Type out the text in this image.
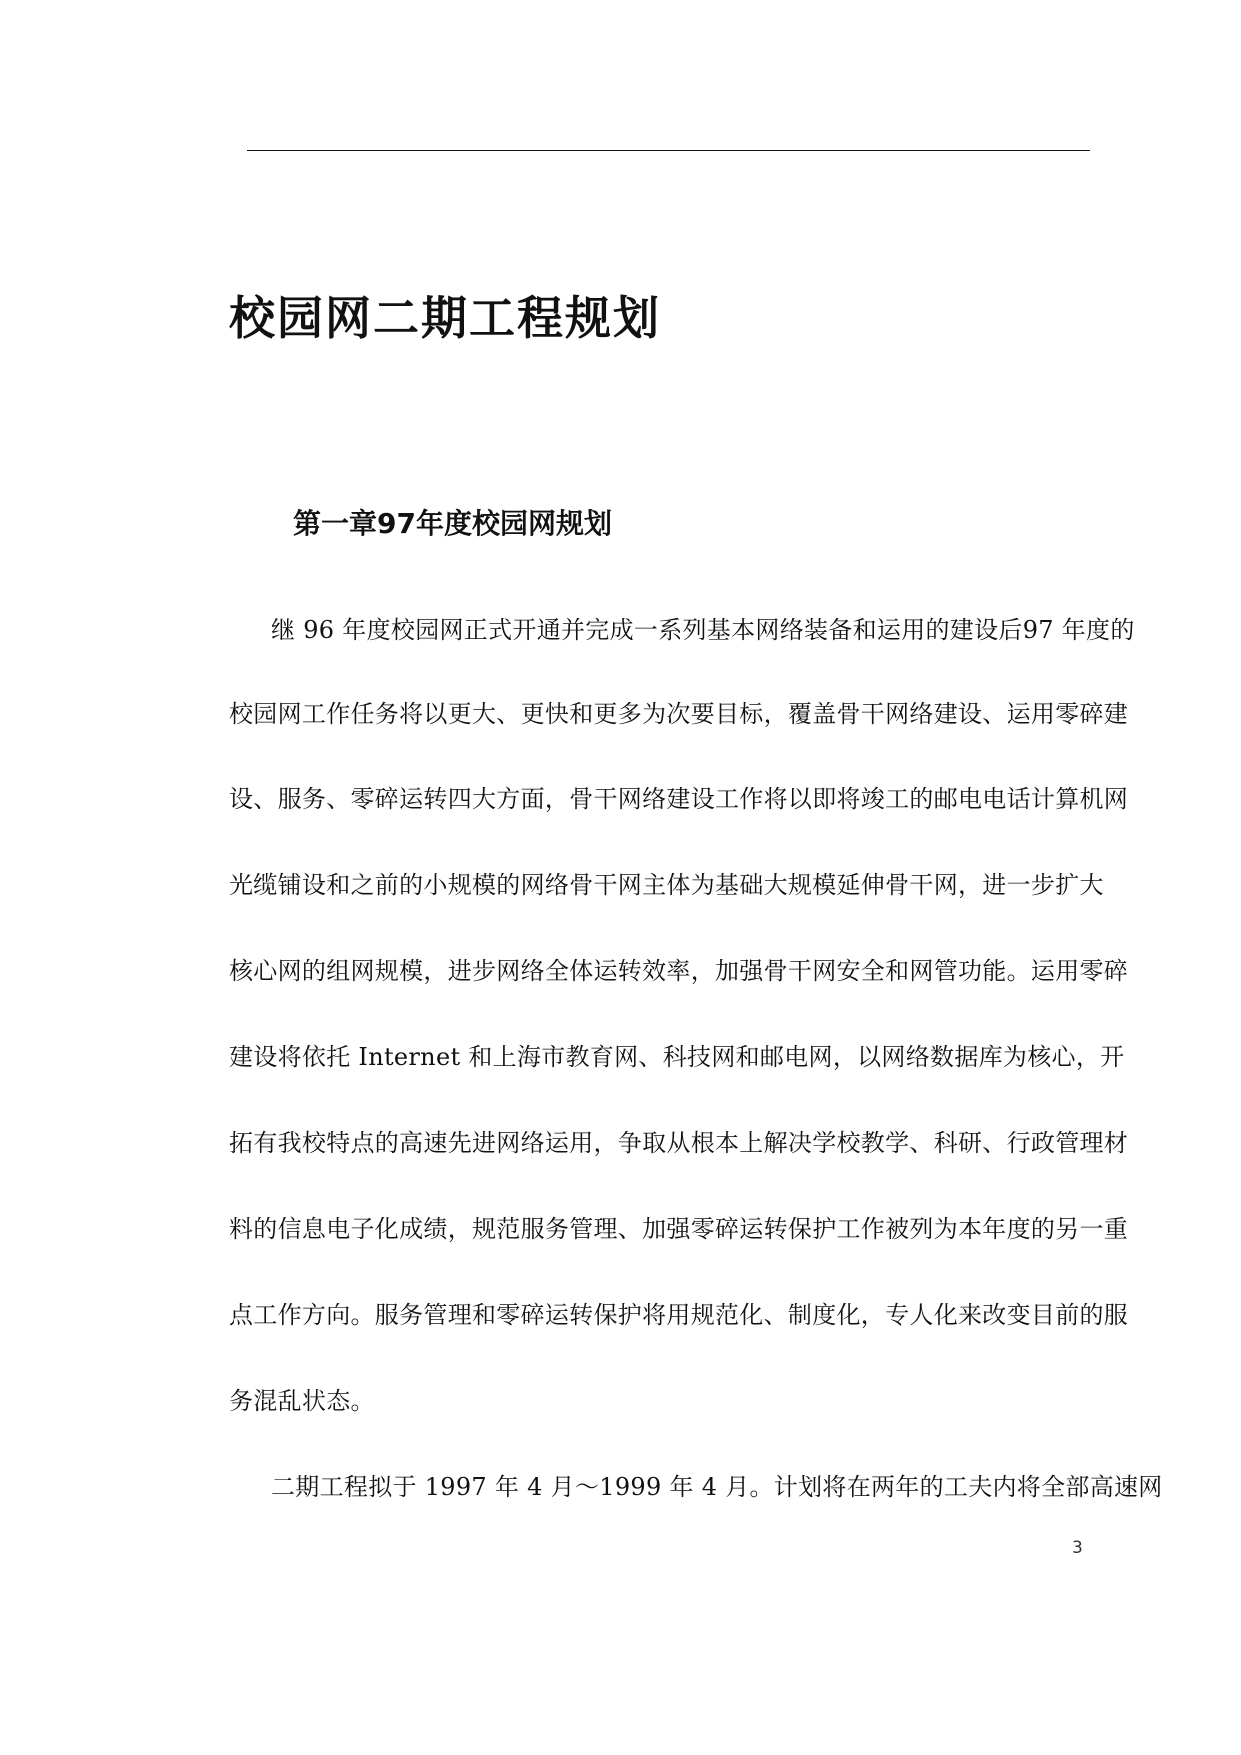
校园网二期工程规划
第一章97年度校园网规划

继 96 年度校园网正式开通并完成一系列基本网络装备和运用的建设后97 年度的

校园网工作任务将以更大、更快和更多为次要目标，覆盖骨干网络建设、运用零碎建

设、服务、零碎运转四大方面，骨干网络建设工作将以即将竣工的邮电电话计算机网

光缆铺设和之前的小规模的网络骨干网主体为基础大规模延伸骨干网，进一步扩大

核心网的组网规模，进步网络全体运转效率，加强骨干网安全和网管功能。运用零碎

建设将依托 Internet 和上海市教育网、科技网和邮电网，以网络数据库为核心，开

拓有我校特点的高速先进网络运用，争取从根本上解决学校教学、科研、行政管理材

料的信息电子化成绩，规范服务管理、加强零碎运转保护工作被列为本年度的另一重

点工作方向。服务管理和零碎运转保护将用规范化、制度化，专人化来改变目前的服

务混乱状态。

二期工程拟于 1997 年 4 月～1999 年 4 月。计划将在两年的工夫内将全部高速网

3
